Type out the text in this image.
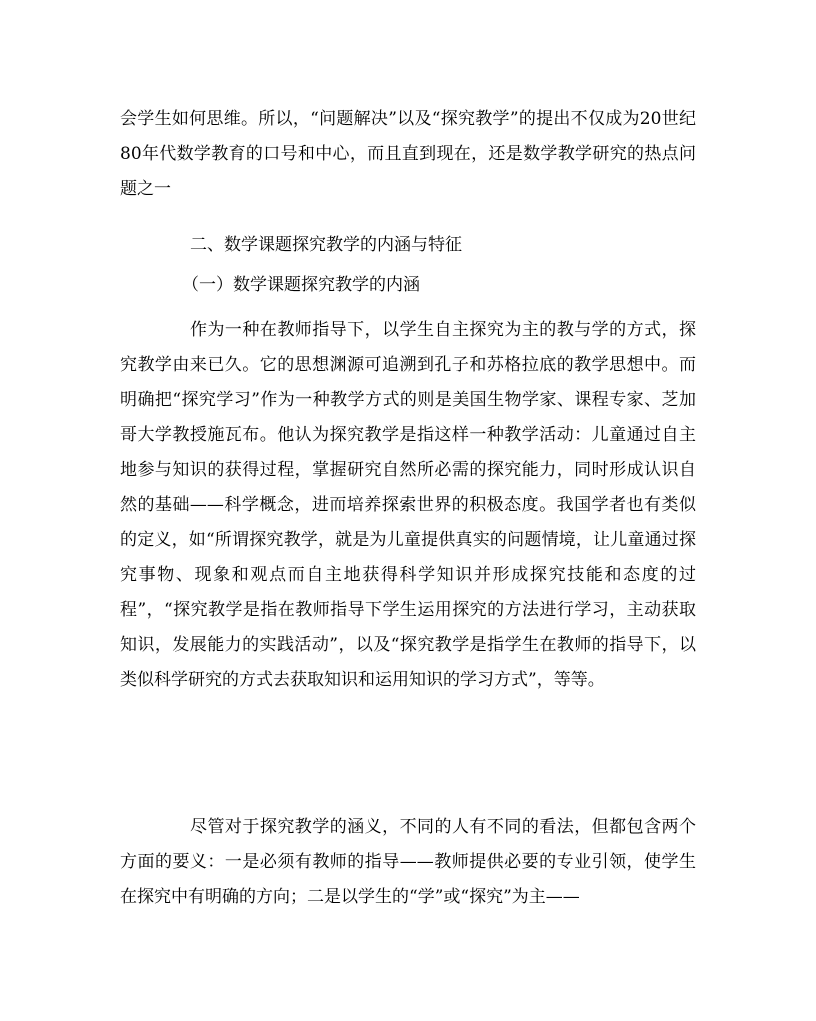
会学生如何思维。所以，“问题解决”以及“探究教学”的提出不仅成为20世纪80年代数学教育的口号和中心，而且直到现在，还是数学教学研究的热点问题之一

二、数学课题探究教学的内涵与特征

（一）数学课题探究教学的内涵

作为一种在教师指导下，以学生自主探究为主的教与学的方式，探究教学由来已久。它的思想渊源可追溯到孔子和苏格拉底的教学思想中。而明确把“探究学习”作为一种教学方式的则是美国生物学家、课程专家、芝加哥大学教授施瓦布。他认为探究教学是指这样一种教学活动：儿童通过自主地参与知识的获得过程，掌握研究自然所必需的探究能力，同时形成认识自然的基础——科学概念，进而培养探索世界的积极态度。我国学者也有类似的定义，如“所谓探究教学，就是为儿童提供真实的问题情境，让儿童通过探究事物、现象和观点而自主地获得科学知识并形成探究技能和态度的过程”，“探究教学是指在教师指导下学生运用探究的方法进行学习，主动获取知识，发展能力的实践活动”，以及“探究教学是指学生在教师的指导下，以类似科学研究的方式去获取知识和运用知识的学习方式”，等等。

尽管对于探究教学的涵义，不同的人有不同的看法，但都包含两个方面的要义：一是必须有教师的指导——教师提供必要的专业引领，使学生在探究中有明确的方向；二是以学生的“学”或“探究”为主——
